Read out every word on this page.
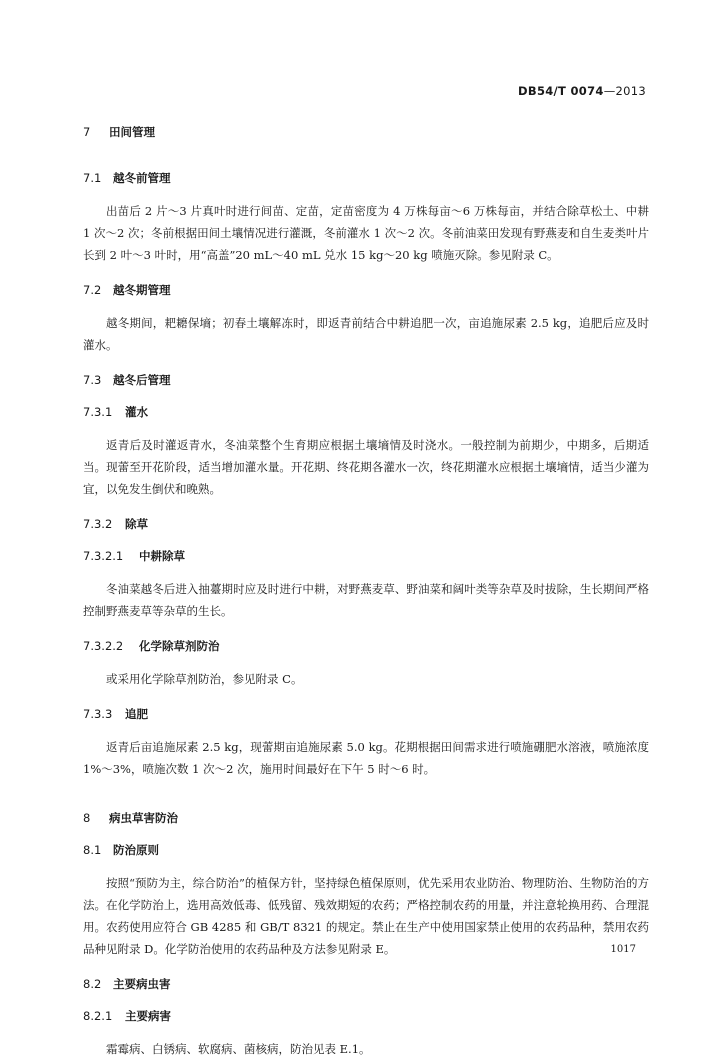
DB54/T 0074—2013

7 田间管理

7.1 越冬前管理

出苗后 2 片～3 片真叶时进行间苗、定苗，定苗密度为 4 万株每亩～6 万株每亩，并结合除草松土、中耕 1 次～2 次；冬前根据田间土壤情况进行灌溉，冬前灌水 1 次～2 次。冬前油菜田发现有野燕麦和自生麦类叶片长到 2 叶～3 叶时，用“高盖”20 mL～40 mL 兑水 15 kg～20 kg 喷施灭除。参见附录 C。

7.2 越冬期管理

越冬期间，耙耱保墒；初春土壤解冻时，即返青前结合中耕追肥一次，亩追施尿素 2.5 kg，追肥后应及时灌水。

7.3 越冬后管理

7.3.1 灌水

返青后及时灌返青水，冬油菜整个生育期应根据土壤墒情及时浇水。一般控制为前期少，中期多，后期适当。现蕾至开花阶段，适当增加灌水量。开花期、终花期各灌水一次，终花期灌水应根据土壤墒情，适当少灌为宜，以免发生倒伏和晚熟。

7.3.2 除草

7.3.2.1 中耕除草

冬油菜越冬后进入抽薹期时应及时进行中耕，对野燕麦草、野油菜和阔叶类等杂草及时拔除，生长期间严格控制野燕麦草等杂草的生长。

7.3.2.2 化学除草剂防治

或采用化学除草剂防治，参见附录 C。

7.3.3 追肥

返青后亩追施尿素 2.5 kg，现蕾期亩追施尿素 5.0 kg。花期根据田间需求进行喷施硼肥水溶液，喷施浓度 1%～3%，喷施次数 1 次～2 次，施用时间最好在下午 5 时～6 时。

8 病虫草害防治

8.1 防治原则

按照“预防为主，综合防治”的植保方针，坚持绿色植保原则，优先采用农业防治、物理防治、生物防治的方法。在化学防治上，选用高效低毒、低残留、残效期短的农药；严格控制农药的用量，并注意轮换用药、合理混用。农药使用应符合 GB 4285 和 GB/T 8321 的规定。禁止在生产中使用国家禁止使用的农药品种，禁用农药品种见附录 D。化学防治使用的农药品种及方法参见附录 E。

8.2 主要病虫害

8.2.1 主要病害

霜霉病、白锈病、软腐病、菌核病，防治见表 E.1。

1017
